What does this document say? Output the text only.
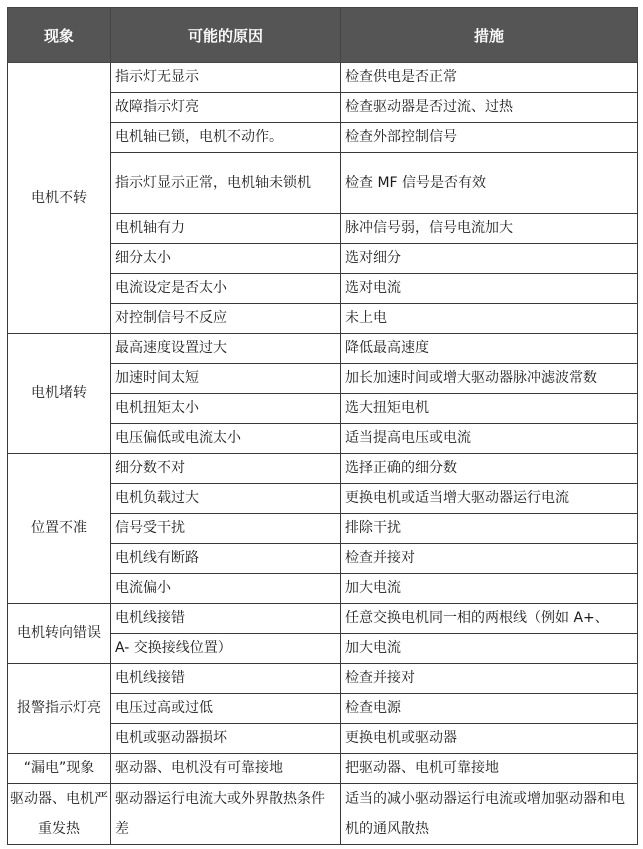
现象	可能的原因	措施
电机不转	指示灯无显示	检查供电是否正常
	故障指示灯亮	检查驱动器是否过流、过热
	电机轴已锁，电机不动作。	检查外部控制信号
	指示灯显示正常，电机轴未锁机	检查 MF 信号是否有效
	电机轴有力	脉冲信号弱，信号电流加大
	细分太小	选对细分
	电流设定是否太小	选对电流
	对控制信号不反应	未上电
电机堵转	最高速度设置过大	降低最高速度
	加速时间太短	加长加速时间或增大驱动器脉冲滤波常数
	电机扭矩太小	选大扭矩电机
	电压偏低或电流太小	适当提高电压或电流
位置不准	细分数不对	选择正确的细分数
	电机负载过大	更换电机或适当增大驱动器运行电流
	信号受干扰	排除干扰
	电机线有断路	检查并接对
	电流偏小	加大电流
电机转向错误	电机线接错	任意交换电机同一相的两根线（例如 A+、
	A- 交换接线位置）	加大电流
报警指示灯亮	电机线接错	检查并接对
	电压过高或过低	检查电源
	电机或驱动器损坏	更换电机或驱动器
“漏电”现象	驱动器、电机没有可靠接地	把驱动器、电机可靠接地
驱动器、电机严重发热	驱动器运行电流大或外界散热条件差	适当的减小驱动器运行电流或增加驱动器和电机的通风散热
